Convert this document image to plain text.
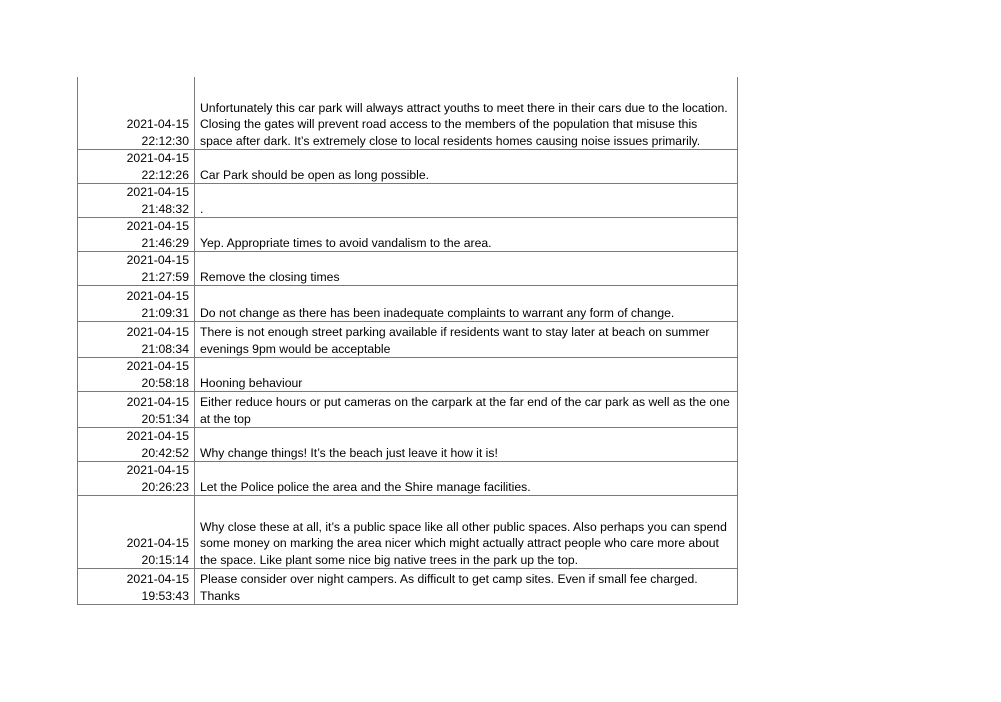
2021-04-15
22:12:30	Unfortunately this car park will always attract youths to meet there in their cars due to the location. Closing the gates will prevent road access to the members of the population that misuse this space after dark. It’s extremely close to local residents homes causing noise issues primarily.

2021-04-15
22:12:26	Car Park should be open as long possible.

2021-04-15
21:48:32	.

2021-04-15
21:46:29	Yep. Appropriate times to avoid vandalism to the area.

2021-04-15
21:27:59	Remove the closing times

2021-04-15
21:09:31	Do not change as there has been inadequate complaints to warrant any form of change.

2021-04-15
21:08:34	There is not enough street parking available if residents want to stay later at beach on summer evenings 9pm would be acceptable

2021-04-15
20:58:18	Hooning behaviour

2021-04-15
20:51:34	Either reduce hours or put cameras on the carpark at the far end of the car park as well as the one at the top

2021-04-15
20:42:52	Why change things! It’s the beach just leave it how it is!

2021-04-15
20:26:23	Let the Police police the area and the Shire manage facilities.

2021-04-15
20:15:14	Why close these at all, it’s a public space like all other public spaces. Also perhaps you can spend some money on marking the area nicer which might actually attract people who care more about the space. Like plant some nice big native trees in the park up the top.

2021-04-15
19:53:43	Please consider over night campers. As difficult to get camp sites. Even if small fee charged. Thanks
